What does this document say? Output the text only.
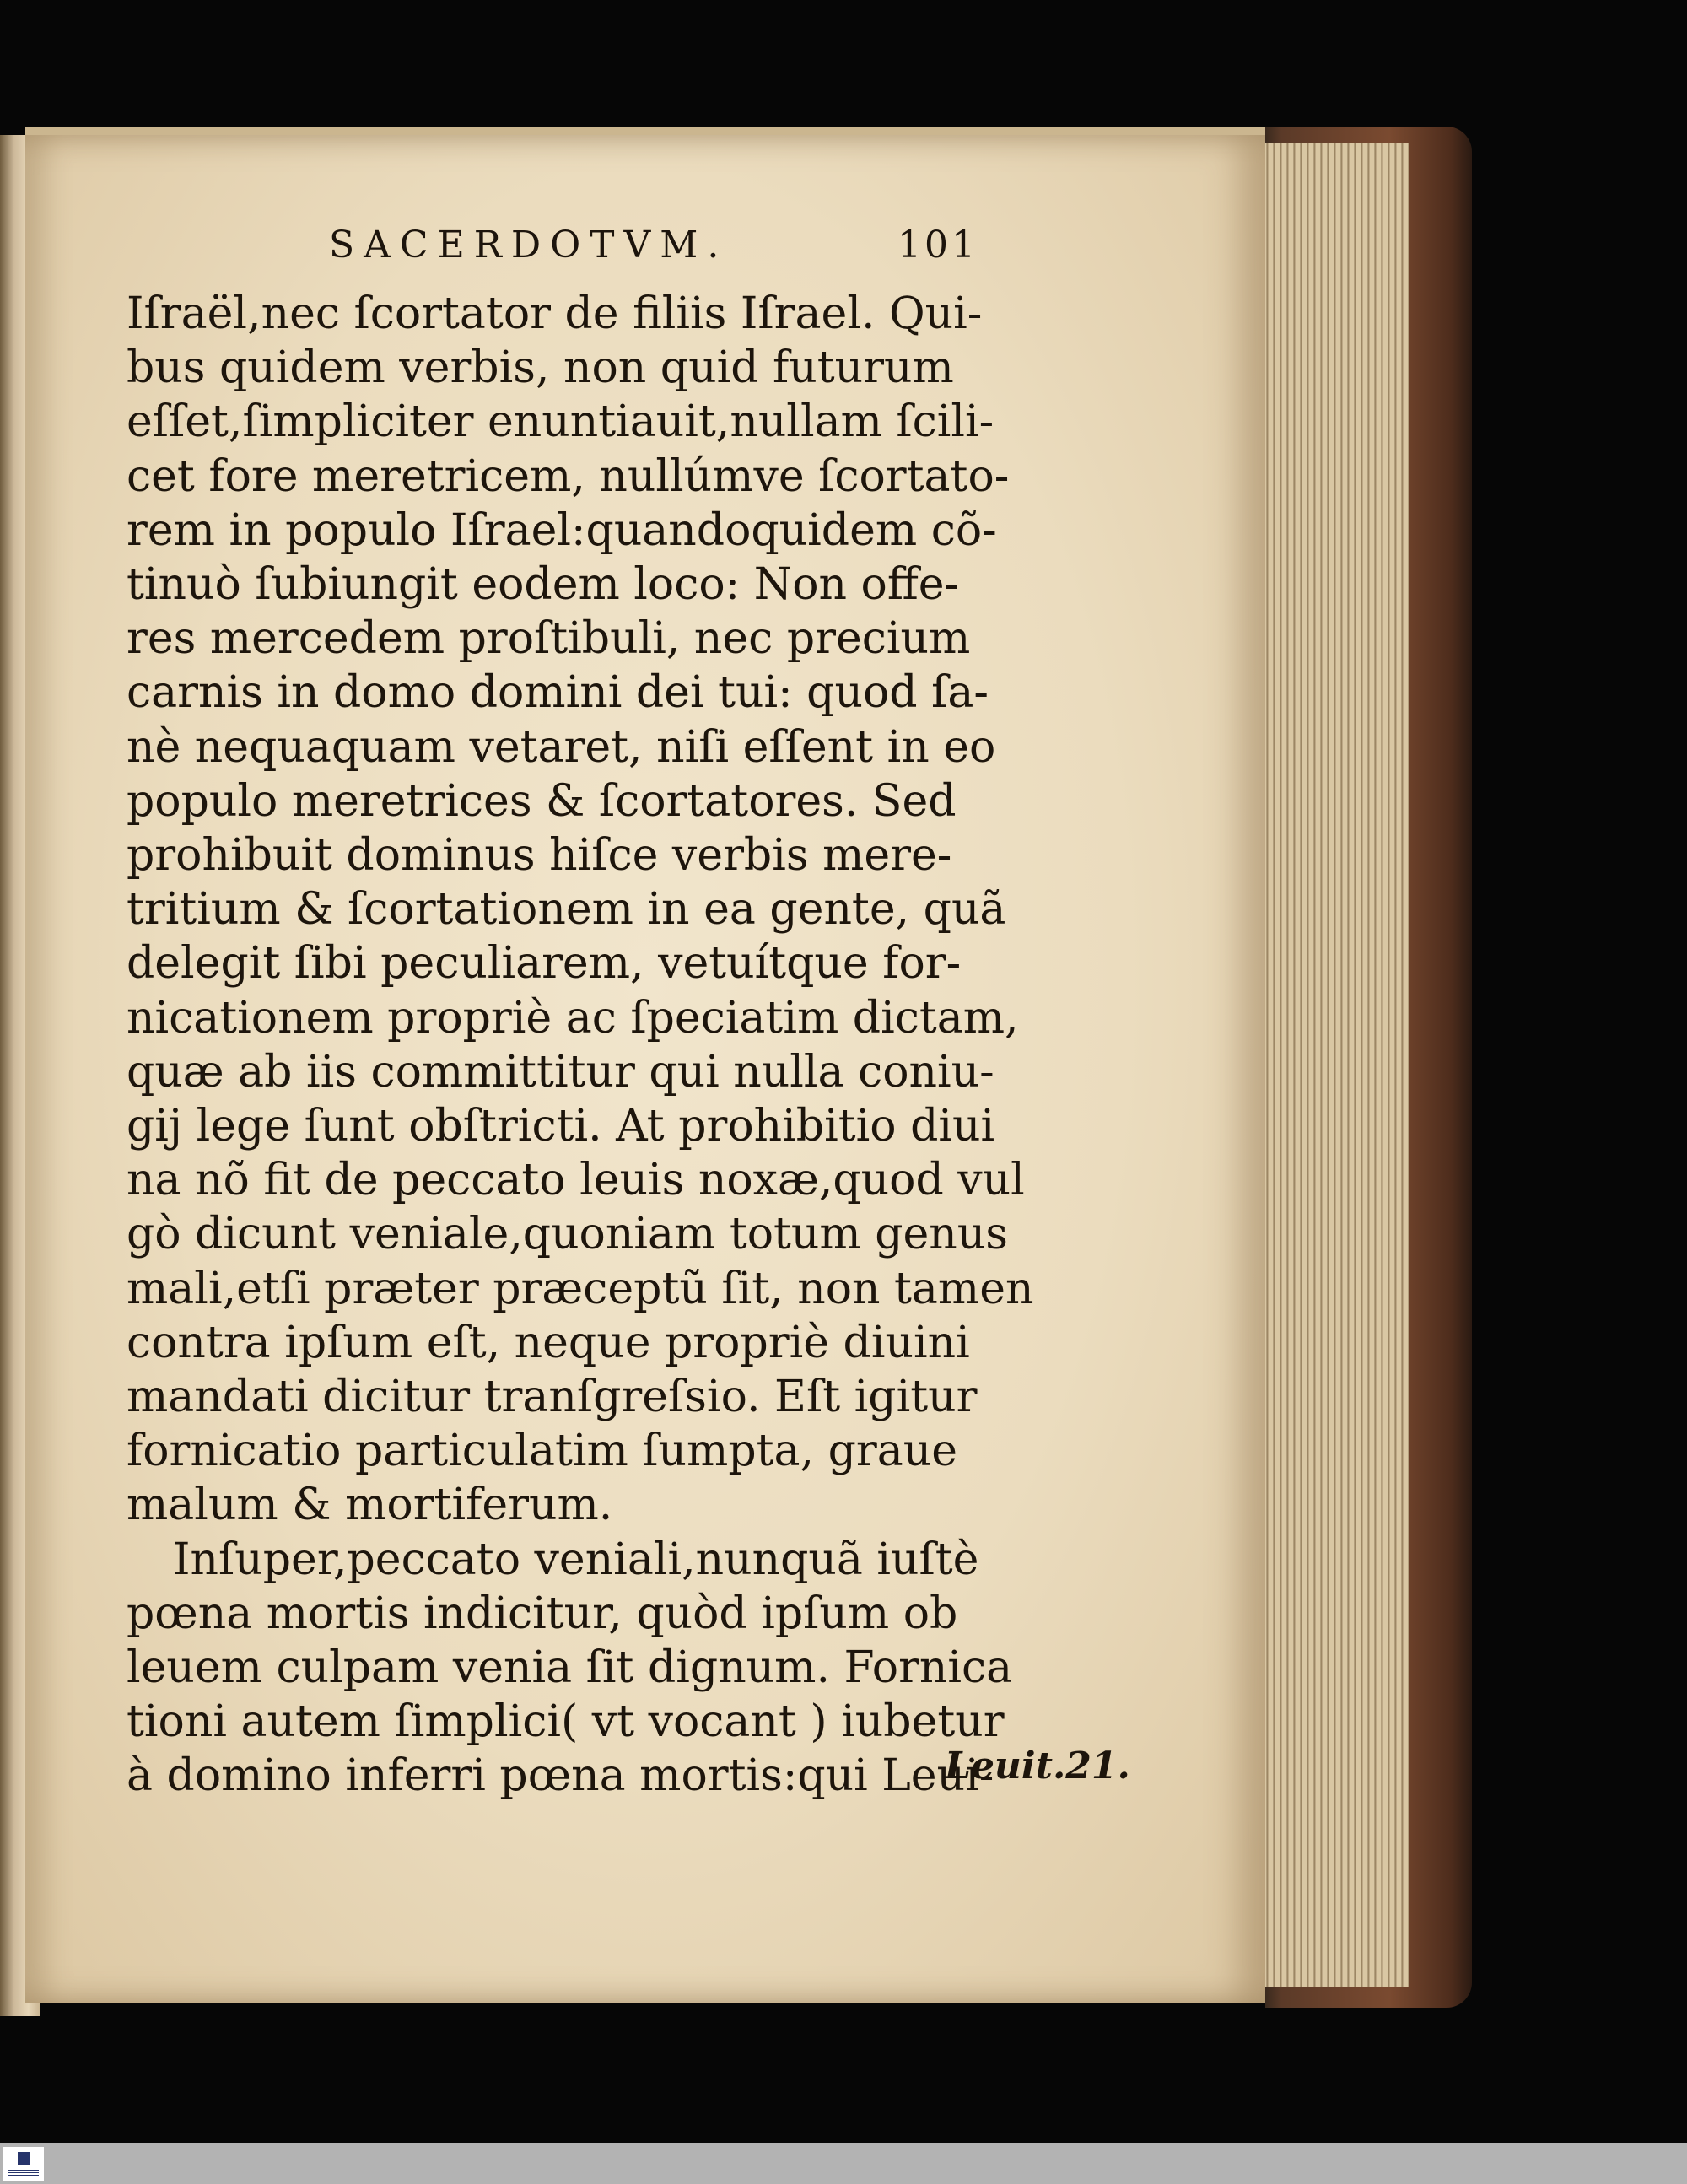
SACERDOTVM.	101
Iſraël,nec ſcortator de filiis Iſrael. Qui-
bus quidem verbis, non quid futurum
eſſet,ſimpliciter enuntiauit,nullam ſcili-
cet fore meretricem, nullúmve ſcortato-
rem in populo Iſrael:quandoquidem cõ-
tinuò ſubiungit eodem loco: Non offe-
res mercedem proſtibuli, nec precium
carnis in domo domini dei tui: quod ſa-
nè nequaquam vetaret, niſi eſſent in eo
populo meretrices & ſcortatores. Sed
prohibuit dominus hiſce verbis mere-
tritium & ſcortationem in ea gente, quã
delegit ſibi peculiarem, vetuítque for-
nicationem propriè ac ſpeciatim dictam,
quæ ab iis committitur qui nulla coniu-
gij lege ſunt obſtricti. At prohibitio diui
na nõ fit de peccato leuis noxæ,quod vul
gò dicunt veniale,quoniam totum genus
mali,etſi præter præceptũ ſit, non tamen
contra ipſum eſt, neque propriè diuini
mandati dicitur tranſgreſsio. Eſt igitur
fornicatio particulatim ſumpta, graue
malum & mortiferum.
Inſuper,peccato veniali,nunquã iuſtè
pœna mortis indicitur, quòd ipſum ob
leuem culpam venia ſit dignum. Fornica
tioni autem ſimplici( vt vocant ) iubetur
à domino inferri pœna mortis:qui Leui-
Leuit.21.
